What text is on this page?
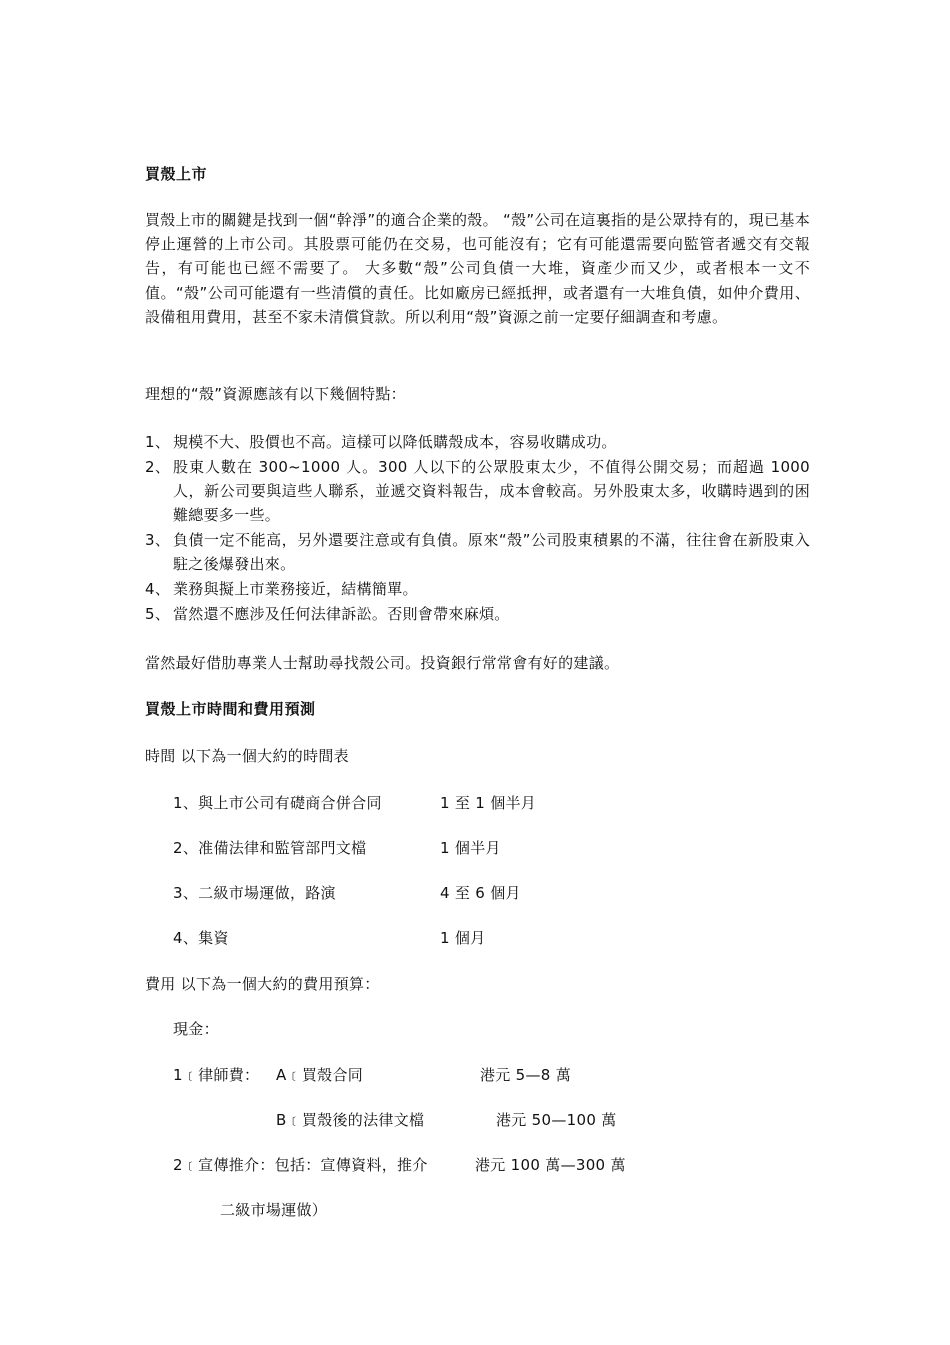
買殼上市
買殼上市的關鍵是找到一個“幹淨”的適合企業的殼。 “殼”公司在這裏指的是公眾持有的，現已基本停止運營的上市公司。其股票可能仍在交易，也可能沒有；它有可能還需要向監管者遞交有交報告，有可能也已經不需要了。 大多數“殼”公司負債一大堆，資產少而又少，或者根本一文不值。“殼”公司可能還有一些清償的責任。比如廠房已經抵押，或者還有一大堆負債，如仲介費用、設備租用費用，甚至不家未清償貸款。所以利用“殼”資源之前一定要仔細調查和考慮。
理想的“殼”資源應該有以下幾個特點：
1、 規模不大、股價也不高。這樣可以降低購殼成本，容易收購成功。
2、 股東人數在 300~1000 人。300 人以下的公眾股東太少，不值得公開交易；而超過 1000 人，新公司要與這些人聯系，並遞交資料報告，成本會較高。另外股東太多，收購時遇到的困難總要多一些。
3、 負債一定不能高，另外還要注意或有負債。原來“殼”公司股東積累的不滿，往往會在新股東入駐之後爆發出來。
4、 業務與擬上市業務接近，結構簡單。
5、 當然還不應涉及任何法律訴訟。否則會帶來麻煩。
當然最好借肋專業人士幫助尋找殼公司。投資銀行常常會有好的建議。
買殼上市時間和費用預測
時間 以下為一個大約的時間表
1、與上市公司有礎商合併合同	1 至 1 個半月
2、准備法律和監管部門文檔	1 個半月
3、二級市場運做，路演	4 至 6 個月
4、集資	1 個月
費用 以下為一個大約的費用預算：
現金：
1﹝律師費： A﹝買殼合同	港元 5—8 萬
B﹝買殼後的法律文檔	港元 50—100 萬
2﹝宣傳推介：包括：宣傳資料，推介	港元 100 萬—300 萬
二級市場運做）
